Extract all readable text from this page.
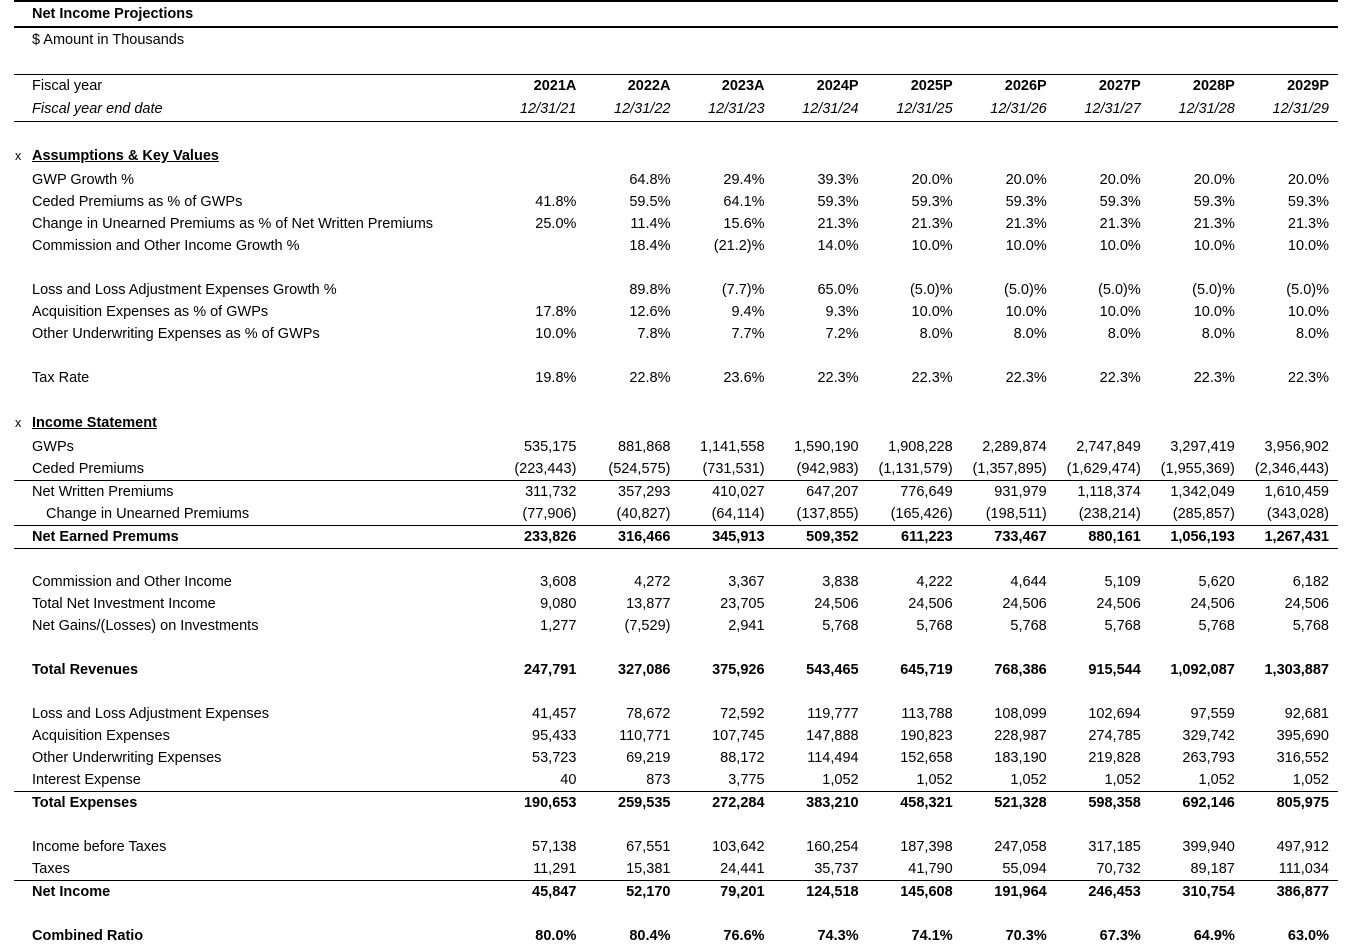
	Net Income Projections									
	$ Amount in Thousands									

	Fiscal year	2021A	2022A	2023A	2024P	2025P	2026P	2027P	2028P	2029P
	Fiscal year end date	12/31/21	12/31/22	12/31/23	12/31/24	12/31/25	12/31/26	12/31/27	12/31/28	12/31/29

x	Assumptions & Key Values									
	GWP Growth %		64.8%	29.4%	39.3%	20.0%	20.0%	20.0%	20.0%	20.0%
	Ceded Premiums as % of GWPs	41.8%	59.5%	64.1%	59.3%	59.3%	59.3%	59.3%	59.3%	59.3%
	Change in Unearned Premiums as % of Net Written Premiums	25.0%	11.4%	15.6%	21.3%	21.3%	21.3%	21.3%	21.3%	21.3%
	Commission and Other Income Growth %		18.4%	(21.2)%	14.0%	10.0%	10.0%	10.0%	10.0%	10.0%

	Loss and Loss Adjustment Expenses Growth %		89.8%	(7.7)%	65.0%	(5.0)%	(5.0)%	(5.0)%	(5.0)%	(5.0)%
	Acquisition Expenses as % of GWPs	17.8%	12.6%	9.4%	9.3%	10.0%	10.0%	10.0%	10.0%	10.0%
	Other Underwriting Expenses as % of GWPs	10.0%	7.8%	7.7%	7.2%	8.0%	8.0%	8.0%	8.0%	8.0%

	Tax Rate	19.8%	22.8%	23.6%	22.3%	22.3%	22.3%	22.3%	22.3%	22.3%

x	Income Statement									
	GWPs	535,175	881,868	1,141,558	1,590,190	1,908,228	2,289,874	2,747,849	3,297,419	3,956,902
	Ceded Premiums	(223,443)	(524,575)	(731,531)	(942,983)	(1,131,579)	(1,357,895)	(1,629,474)	(1,955,369)	(2,346,443)
	Net Written Premiums	311,732	357,293	410,027	647,207	776,649	931,979	1,118,374	1,342,049	1,610,459
	Change in Unearned Premiums	(77,906)	(40,827)	(64,114)	(137,855)	(165,426)	(198,511)	(238,214)	(285,857)	(343,028)
	Net Earned Premums	233,826	316,466	345,913	509,352	611,223	733,467	880,161	1,056,193	1,267,431

	Commission and Other Income	3,608	4,272	3,367	3,838	4,222	4,644	5,109	5,620	6,182
	Total Net Investment Income	9,080	13,877	23,705	24,506	24,506	24,506	24,506	24,506	24,506
	Net Gains/(Losses) on Investments	1,277	(7,529)	2,941	5,768	5,768	5,768	5,768	5,768	5,768

	Total Revenues	247,791	327,086	375,926	543,465	645,719	768,386	915,544	1,092,087	1,303,887

	Loss and Loss Adjustment Expenses	41,457	78,672	72,592	119,777	113,788	108,099	102,694	97,559	92,681
	Acquisition Expenses	95,433	110,771	107,745	147,888	190,823	228,987	274,785	329,742	395,690
	Other Underwriting Expenses	53,723	69,219	88,172	114,494	152,658	183,190	219,828	263,793	316,552
	Interest Expense	40	873	3,775	1,052	1,052	1,052	1,052	1,052	1,052
	Total Expenses	190,653	259,535	272,284	383,210	458,321	521,328	598,358	692,146	805,975

	Income before Taxes	57,138	67,551	103,642	160,254	187,398	247,058	317,185	399,940	497,912
	Taxes	11,291	15,381	24,441	35,737	41,790	55,094	70,732	89,187	111,034
	Net Income	45,847	52,170	79,201	124,518	145,608	191,964	246,453	310,754	386,877

	Combined Ratio	80.0%	80.4%	76.6%	74.3%	74.1%	70.3%	67.3%	64.9%	63.0%
